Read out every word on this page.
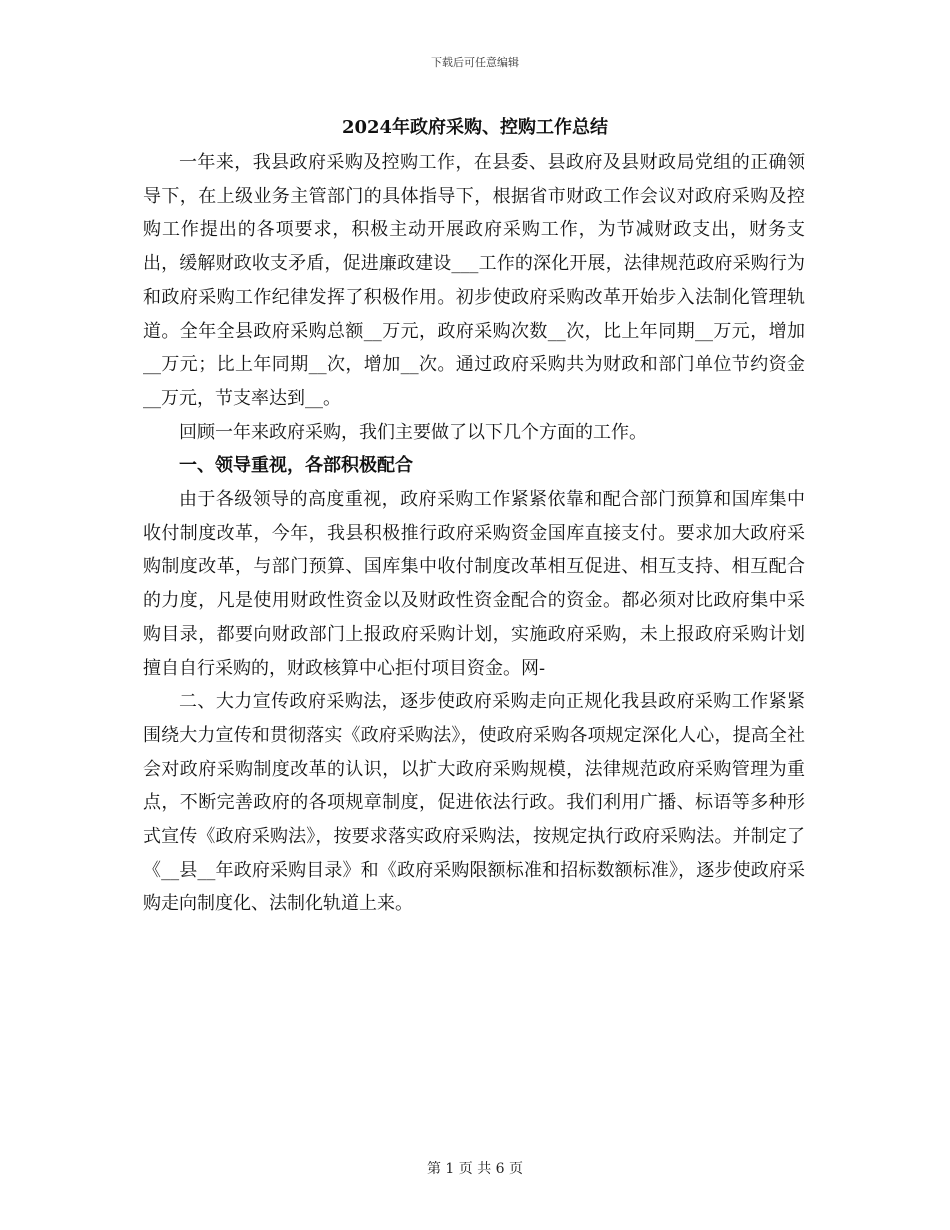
下载后可任意编辑
2024年政府采购、控购工作总结

一年来，我县政府采购及控购工作，在县委、县政府及县财政局党组的正确领导下，在上级业务主管部门的具体指导下，根据省市财政工作会议对政府采购及控购工作提出的各项要求，积极主动开展政府采购工作，为节减财政支出，财务支出，缓解财政收支矛盾，促进廉政建设___工作的深化开展，法律规范政府采购行为和政府采购工作纪律发挥了积极作用。初步使政府采购改革开始步入法制化管理轨道。全年全县政府采购总额__万元，政府采购次数__次，比上年同期__万元，增加__万元；比上年同期__次，增加__次。通过政府采购共为财政和部门单位节约资金__万元，节支率达到__。

回顾一年来政府采购，我们主要做了以下几个方面的工作。

一、领导重视，各部积极配合

由于各级领导的高度重视，政府采购工作紧紧依靠和配合部门预算和国库集中收付制度改革，今年，我县积极推行政府采购资金国库直接支付。要求加大政府采购制度改革，与部门预算、国库集中收付制度改革相互促进、相互支持、相互配合的力度，凡是使用财政性资金以及财政性资金配合的资金。都必须对比政府集中采购目录，都要向财政部门上报政府采购计划，实施政府采购，未上报政府采购计划擅自自行采购的，财政核算中心拒付项目资金。网-

二、大力宣传政府采购法，逐步使政府采购走向正规化我县政府采购工作紧紧围绕大力宣传和贯彻落实《政府采购法》，使政府采购各项规定深化人心，提高全社会对政府采购制度改革的认识，以扩大政府采购规模，法律规范政府采购管理为重点，不断完善政府的各项规章制度，促进依法行政。我们利用广播、标语等多种形式宣传《政府采购法》，按要求落实政府采购法，按规定执行政府采购法。并制定了《__县__年政府采购目录》和《政府采购限额标准和招标数额标准》，逐步使政府采购走向制度化、法制化轨道上来。

第 1 页 共 6 页
